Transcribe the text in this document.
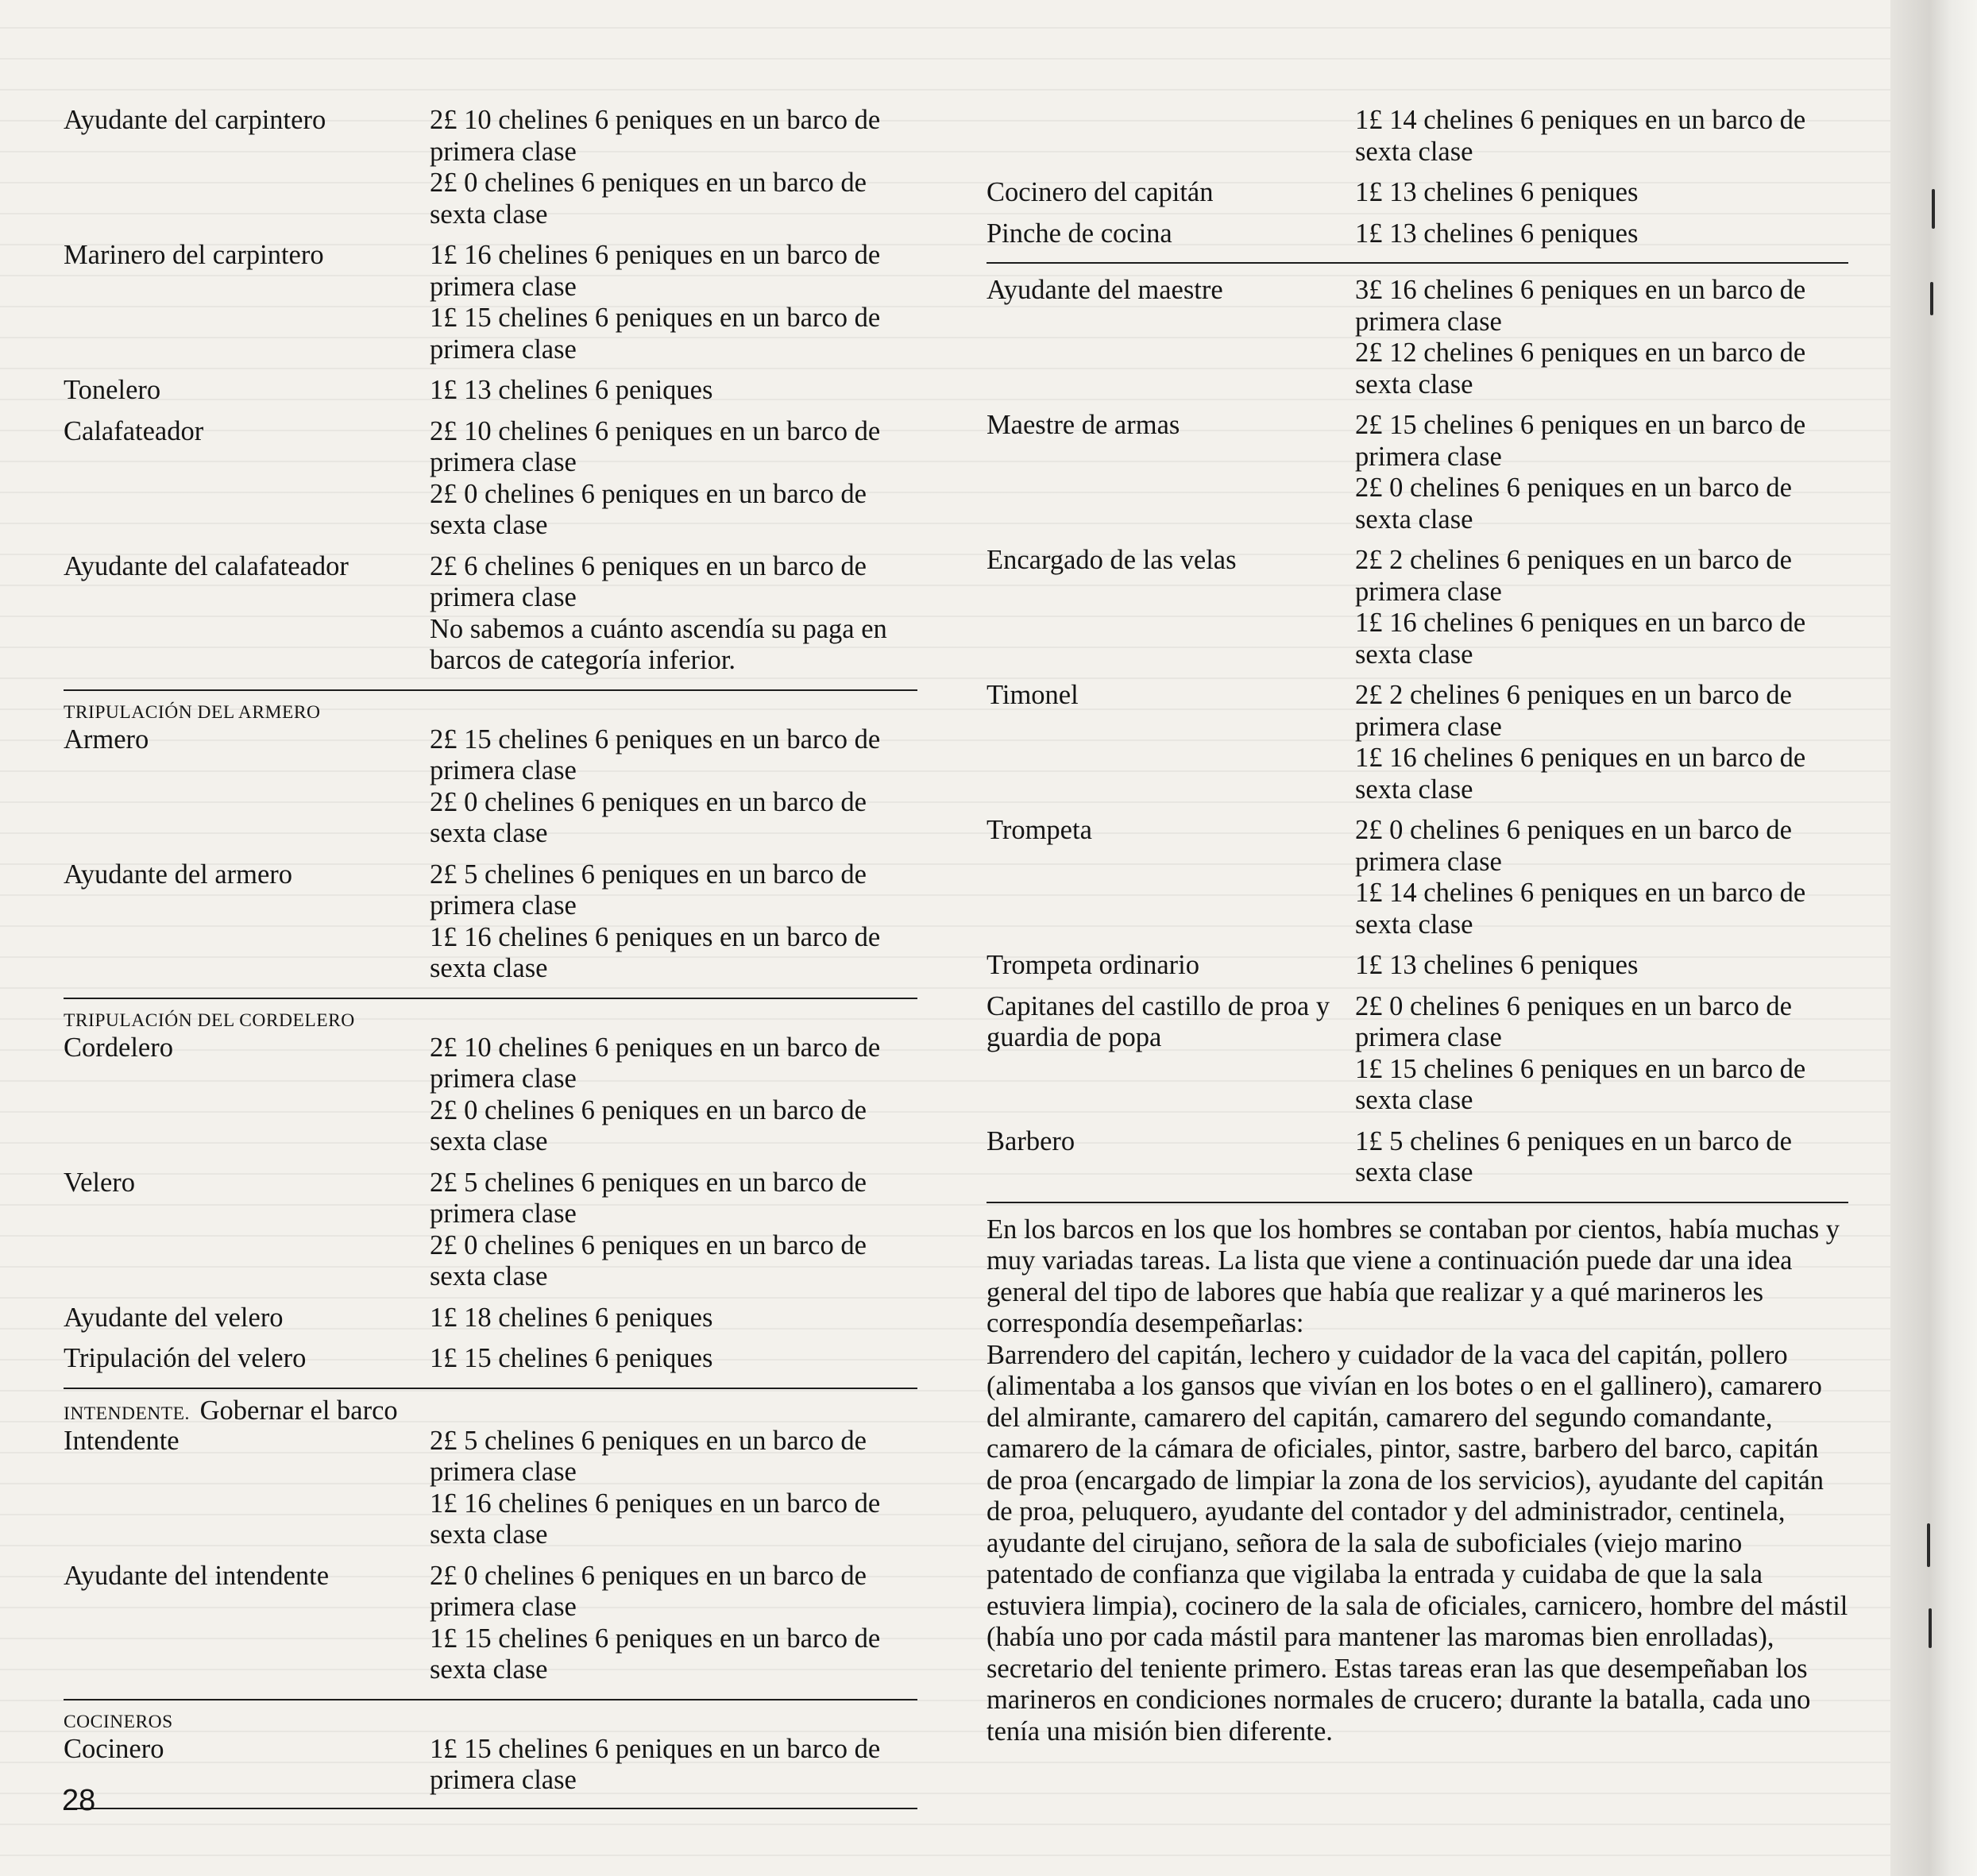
Ayudante del carpintero	2£ 10 chelines 6 peniques en un barco de primera clase
2£ 0 chelines 6 peniques en un barco de sexta clase
Marinero del carpintero	1£ 16 chelines 6 peniques en un barco de primera clase
1£ 15 chelines 6 peniques en un barco de primera clase
Tonelero	1£ 13 chelines 6 peniques
Calafateador	2£ 10 chelines 6 peniques en un barco de primera clase
2£ 0 chelines 6 peniques en un barco de sexta clase
Ayudante del calafateador	2£ 6 chelines 6 peniques en un barco de primera clase
No sabemos a cuánto ascendía su paga en barcos de categoría inferior.
TRIPULACIÓN DEL ARMERO
Armero	2£ 15 chelines 6 peniques en un barco de primera clase
2£ 0 chelines 6 peniques en un barco de sexta clase
Ayudante del armero	2£ 5 chelines 6 peniques en un barco de primera clase
1£ 16 chelines 6 peniques en un barco de sexta clase
TRIPULACIÓN DEL CORDELERO
Cordelero	2£ 10 chelines 6 peniques en un barco de primera clase
2£ 0 chelines 6 peniques en un barco de sexta clase
Velero	2£ 5 chelines 6 peniques en un barco de primera clase
2£ 0 chelines 6 peniques en un barco de sexta clase
Ayudante del velero	1£ 18 chelines 6 peniques
Tripulación del velero	1£ 15 chelines 6 peniques
INTENDENTE. Gobernar el barco
Intendente	2£ 5 chelines 6 peniques en un barco de primera clase
1£ 16 chelines 6 peniques en un barco de sexta clase
Ayudante del intendente	2£ 0 chelines 6 peniques en un barco de primera clase
1£ 15 chelines 6 peniques en un barco de sexta clase
COCINEROS
Cocinero	1£ 15 chelines 6 peniques en un barco de primera clase
1£ 14 chelines 6 peniques en un barco de sexta clase
Cocinero del capitán	1£ 13 chelines 6 peniques
Pinche de cocina	1£ 13 chelines 6 peniques
Ayudante del maestre	3£ 16 chelines 6 peniques en un barco de primera clase
2£ 12 chelines 6 peniques en un barco de sexta clase
Maestre de armas	2£ 15 chelines 6 peniques en un barco de primera clase
2£ 0 chelines 6 peniques en un barco de sexta clase
Encargado de las velas	2£ 2 chelines 6 peniques en un barco de primera clase
1£ 16 chelines 6 peniques en un barco de sexta clase
Timonel	2£ 2 chelines 6 peniques en un barco de primera clase
1£ 16 chelines 6 peniques en un barco de sexta clase
Trompeta	2£ 0 chelines 6 peniques en un barco de primera clase
1£ 14 chelines 6 peniques en un barco de sexta clase
Trompeta ordinario	1£ 13 chelines 6 peniques
Capitanes del castillo de proa y guardia de popa
2£ 0 chelines 6 peniques en un barco de primera clase
1£ 15 chelines 6 peniques en un barco de sexta clase
Barbero	1£ 5 chelines 6 peniques en un barco de sexta clase

En los barcos en los que los hombres se contaban por cientos, había muchas y muy variadas tareas. La lista que viene a continuación puede dar una idea general del tipo de labores que había que realizar y a qué marineros les correspondía desempeñarlas:

Barrendero del capitán, lechero y cuidador de la vaca del capitán, pollero (alimentaba a los gansos que vivían en los botes o en el gallinero), camarero del almirante, camarero del capitán, camarero del segundo comandante, camarero de la cámara de oficiales, pintor, sastre, barbero del barco, capitán de proa (encargado de limpiar la zona de los servicios), ayudante del capitán de proa, peluquero, ayudante del contador y del administrador, centinela, ayudante del cirujano, señora de la sala de suboficiales (viejo marino patentado de confianza que vigilaba la entrada y cuidaba de que la sala estuviera limpia), cocinero de la sala de oficiales, carnicero, hombre del mástil (había uno por cada mástil para mantener las maromas bien enrolladas), secretario del teniente primero. Estas tareas eran las que desempeñaban los marineros en condiciones normales de crucero; durante la batalla, cada uno tenía una misión bien diferente.

28
